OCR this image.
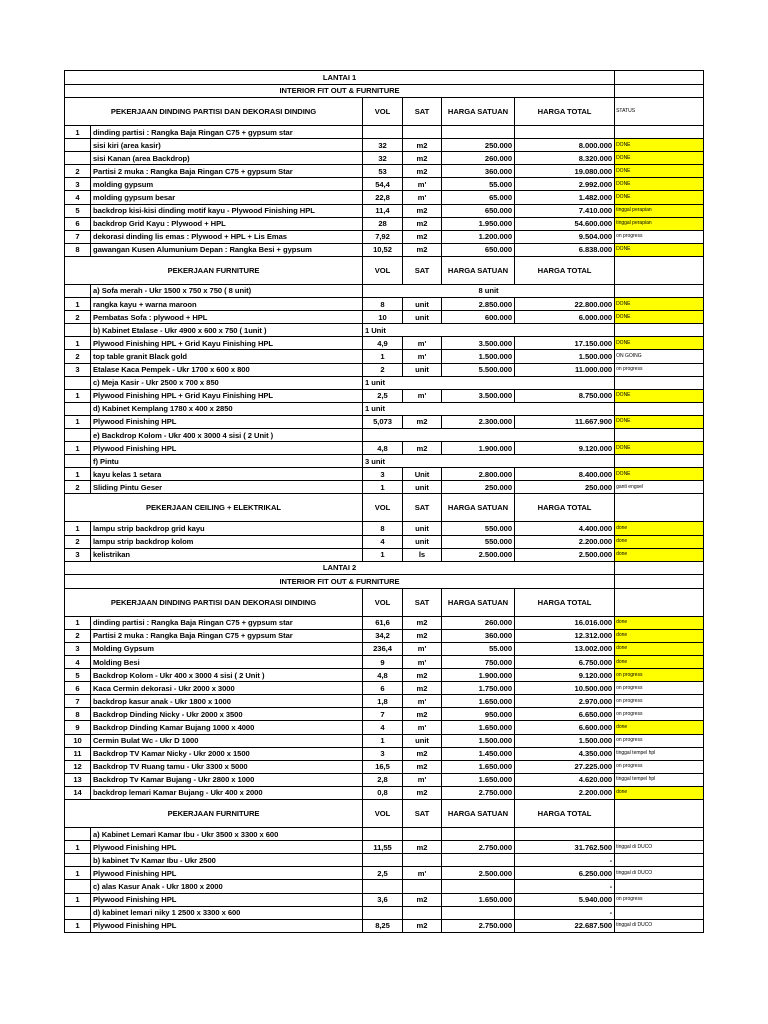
LANTAI 1						
INTERIOR FIT OUT & FURNITURE						
PEKERJAAN DINDING PARTISI DAN DEKORASI DINDING		VOL	SAT	HARGA SATUAN	HARGA TOTAL	STATUS
1	dinding partisi : Rangka Baja Ringan C75 + gypsum star					
	sisi kiri (area kasir)	32	m2	250.000	8.000.000	DONE
	sisi Kanan (area Backdrop)	32	m2	260.000	8.320.000	DONE
2	Partisi 2 muka : Rangka Baja Ringan C75 + gypsum Star	53	m2	360.000	19.080.000	DONE
3	molding gypsum	54,4	m'	55.000	2.992.000	DONE
4	molding gypsum besar	22,8	m'	65.000	1.482.000	DONE
5	backdrop kisi-kisi dinding motif kayu - Plywood Finishing HPL	11,4	m2	650.000	7.410.000	tinggal perapian
6	backdrop Grid Kayu : Plywood + HPL	28	m2	1.950.000	54.600.000	tinggal perapian
7	dekorasi dinding lis emas : Plywood + HPL + Lis Emas	7,92	m2	1.200.000	9.504.000	on progress
8	gawangan Kusen Alumunium Depan : Rangka Besi + gypsum	10,52	m2	650.000	6.838.000	DONE
PEKERJAAN FURNITURE		VOL	SAT	HARGA SATUAN	HARGA TOTAL	
	a) Sofa merah - Ukr 1500 x 750 x 750 ( 8 unit)	8 unit				
1	rangka kayu + warna maroon	8	unit	2.850.000	22.800.000	DONE
2	Pembatas Sofa : plywood + HPL	10	unit	600.000	6.000.000	DONE
	b) Kabinet Etalase - Ukr 4900 x 600 x 750 ( 1unit )	1 Unit				
1	Plywood Finishing HPL + Grid Kayu Finishing HPL	4,9	m'	3.500.000	17.150.000	DONE
2	top table granit Black gold	1	m'	1.500.000	1.500.000	ON GOING
3	Etalase Kaca Pempek - Ukr 1700 x 600 x 800	2	unit	5.500.000	11.000.000	on progress
	c) Meja Kasir - Ukr 2500 x 700 x 850	1 unit				
1	Plywood Finishing HPL + Grid Kayu Finishing HPL	2,5	m'	3.500.000	8.750.000	DONE
	d) Kabinet Kemplang 1780 x 400 x 2850	1 unit				
1	Plywood Finishing HPL	5,073	m2	2.300.000	11.667.900	DONE
	e) Backdrop Kolom - Ukr 400 x 3000 4 sisi ( 2 Unit )					
1	Plywood Finishing HPL	4,8	m2	1.900.000	9.120.000	DONE
	f) Pintu	3 unit				
1	kayu kelas 1 setara	3	Unit	2.800.000	8.400.000	DONE
2	Sliding Pintu Geser	1	unit	250.000	250.000	ganti engsel
PEKERJAAN CEILING + ELEKTRIKAL		VOL	SAT	HARGA SATUAN	HARGA TOTAL	
1	lampu strip backdrop grid kayu	8	unit	550.000	4.400.000	done
2	lampu strip backdrop kolom	4	unit	550.000	2.200.000	done
3	kelistrikan	1	ls	2.500.000	2.500.000	done
LANTAI 2						
INTERIOR FIT OUT & FURNITURE						
PEKERJAAN DINDING PARTISI DAN DEKORASI DINDING		VOL	SAT	HARGA SATUAN	HARGA TOTAL	
1	dinding partisi : Rangka Baja Ringan C75 + gypsum star	61,6	m2	260.000	16.016.000	done
2	Partisi 2 muka : Rangka Baja Ringan C75 + gypsum Star	34,2	m2	360.000	12.312.000	done
3	Molding Gypsum	236,4	m'	55.000	13.002.000	done
4	Molding Besi	9	m'	750.000	6.750.000	done
5	Backdrop Kolom - Ukr 400 x 3000 4 sisi ( 2 Unit )	4,8	m2	1.900.000	9.120.000	on progress
6	Kaca Cermin dekorasi - Ukr 2000 x 3000	6	m2	1.750.000	10.500.000	on progress
7	backdrop kasur anak - Ukr 1800 x 1000	1,8	m'	1.650.000	2.970.000	on progress
8	Backdrop Dinding Nicky - Ukr 2000 x 3500	7	m2	950.000	6.650.000	on progress
9	Backdrop Dinding Kamar Bujang 1000 x 4000	4	m'	1.650.000	6.600.000	done
10	Cermin Bulat Wc - Ukr D 1000	1	unit	1.500.000	1.500.000	on progress
11	Backdrop TV Kamar Nicky - Ukr 2000 x 1500	3	m2	1.450.000	4.350.000	tinggal tempel hpl
12	Backdrop TV Ruang tamu - Ukr 3300 x 5000	16,5	m2	1.650.000	27.225.000	on progress
13	Backdrop Tv Kamar Bujang - Ukr 2800 x 1000	2,8	m'	1.650.000	4.620.000	tinggal tempel hpl
14	backdrop lemari Kamar Bujang - Ukr 400 x 2000	0,8	m2	2.750.000	2.200.000	done
PEKERJAAN FURNITURE		VOL	SAT	HARGA SATUAN	HARGA TOTAL	
	a) Kabinet Lemari Kamar Ibu - Ukr 3500 x 3300 x 600					
1	Plywood Finishing HPL	11,55	m2	2.750.000	31.762.500	tinggal di DUCO
	b) kabinet Tv Kamar Ibu - Ukr 2500				-	
1	Plywood Finishing HPL	2,5	m'	2.500.000	6.250.000	tinggal di DUCO
	c) alas Kasur Anak - Ukr 1800 x 2000				-	
1	Plywood Finishing HPL	3,6	m2	1.650.000	5.940.000	on progress
	d) kabinet lemari niky 1 2500 x 3300 x 600				-	
1	Plywood Finishing HPL	8,25	m2	2.750.000	22.687.500	tinggal di DUCO
